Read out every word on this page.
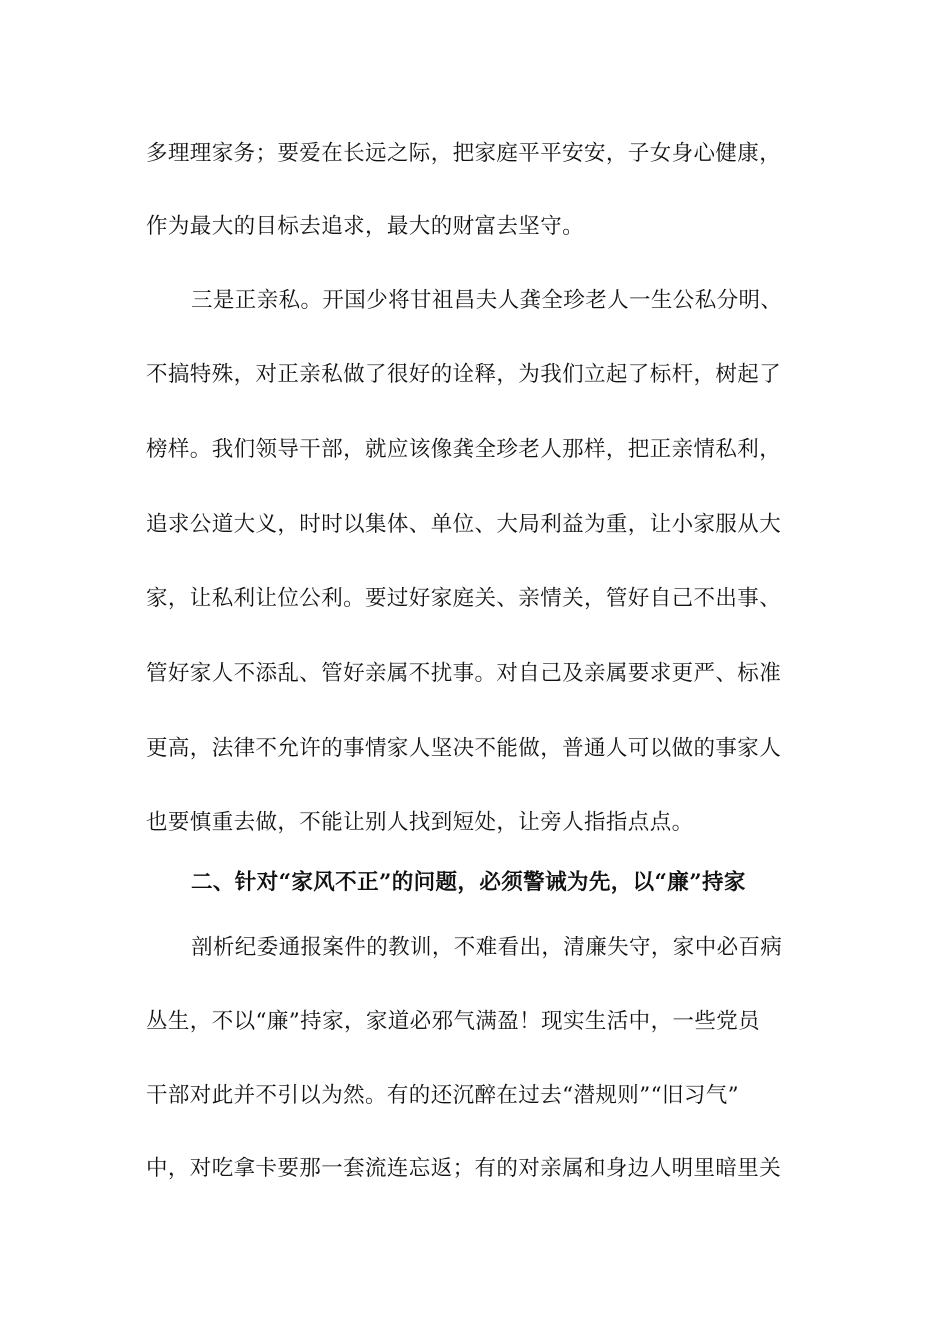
多理理家务；要爱在长远之际，把家庭平平安安，子女身心健康，
作为最大的目标去追求，最大的财富去坚守。
三是正亲私。开国少将甘祖昌夫人龚全珍老人一生公私分明、
不搞特殊，对正亲私做了很好的诠释，为我们立起了标杆，树起了
榜样。我们领导干部，就应该像龚全珍老人那样，把正亲情私利，
追求公道大义，时时以集体、单位、大局利益为重，让小家服从大
家，让私利让位公利。要过好家庭关、亲情关，管好自己不出事、
管好家人不添乱、管好亲属不扰事。对自己及亲属要求更严、标准
更高，法律不允许的事情家人坚决不能做，普通人可以做的事家人
也要慎重去做，不能让别人找到短处，让旁人指指点点。
二、针对“家风不正”的问题，必须警诫为先，以“廉”持家
剖析纪委通报案件的教训，不难看出，清廉失守，家中必百病
丛生，不以“廉”持家，家道必邪气满盈！现实生活中，一些党员
干部对此并不引以为然。有的还沉醉在过去“潜规则”“旧习气”
中，对吃拿卡要那一套流连忘返；有的对亲属和身边人明里暗里关
